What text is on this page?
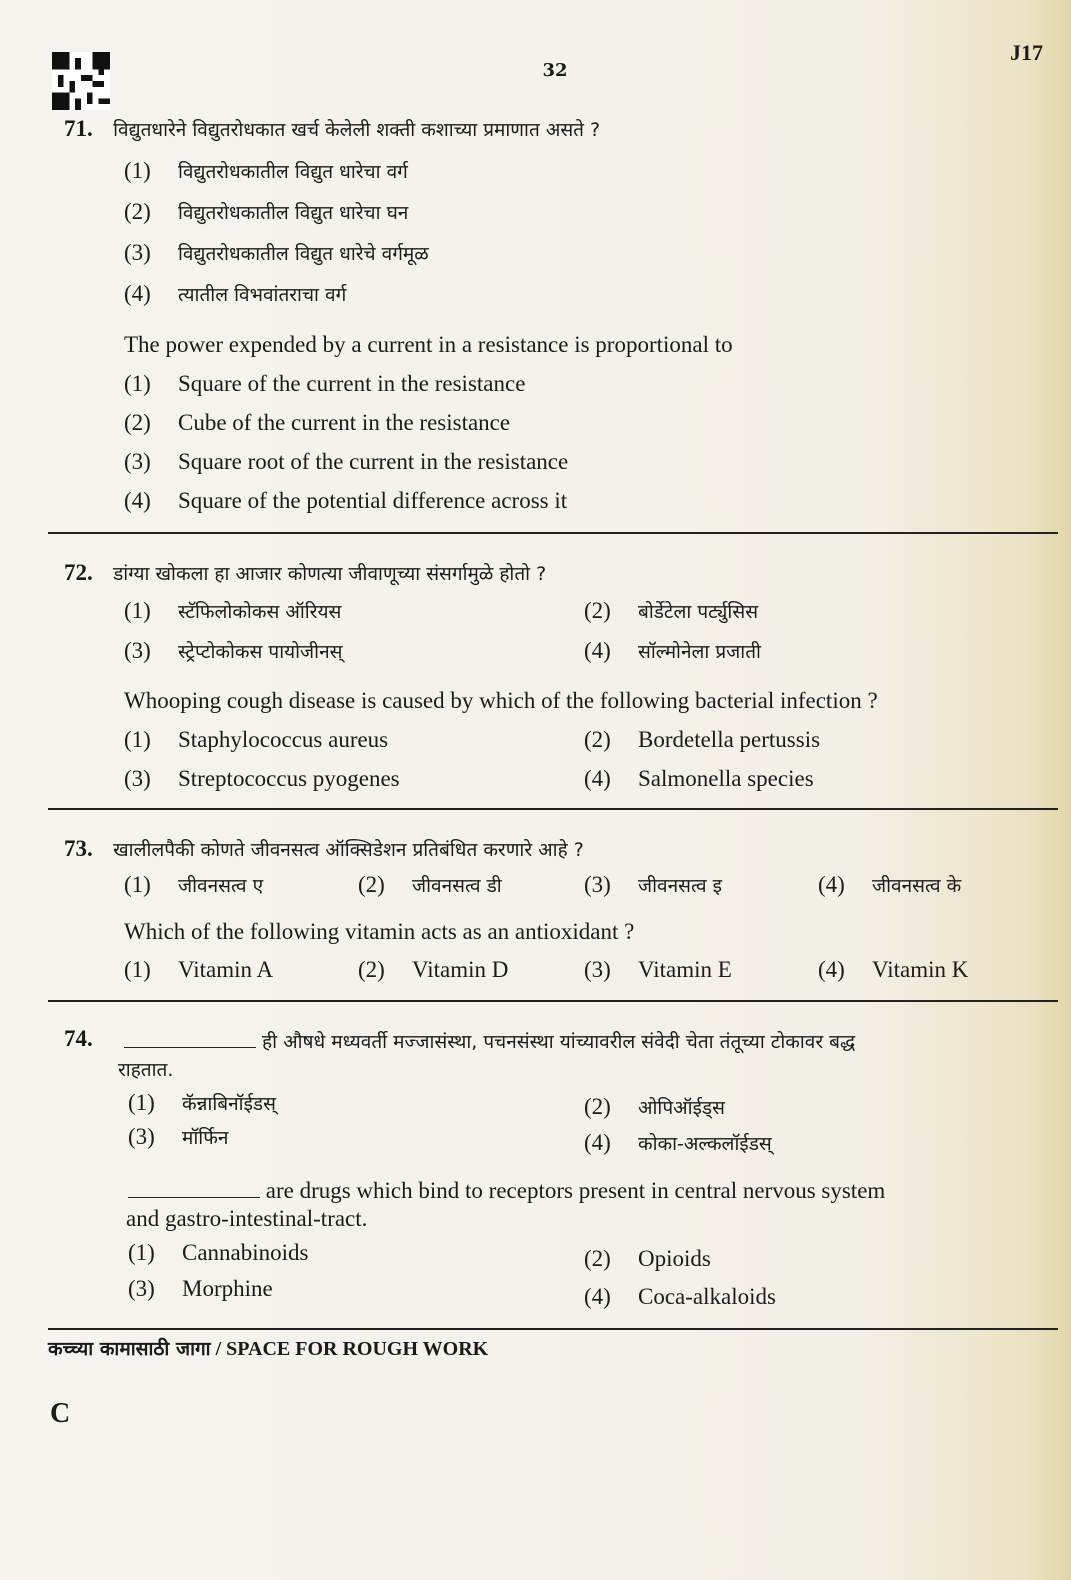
32
J17
71. विद्युतधारेने विद्युतरोधकात खर्च केलेली शक्ती कशाच्या प्रमाणात असते ?
(1) विद्युतरोधकातील विद्युत धारेचा वर्ग
(2) विद्युतरोधकातील विद्युत धारेचा घन
(3) विद्युतरोधकातील विद्युत धारेचे वर्गमूळ
(4) त्यातील विभवांतराचा वर्ग
The power expended by a current in a resistance is proportional to
(1) Square of the current in the resistance
(2) Cube of the current in the resistance
(3) Square root of the current in the resistance
(4) Square of the potential difference across it
72. डांग्या खोकला हा आजार कोणत्या जीवाणूच्या संसर्गामुळे होतो ?
(1) स्टॅफिलोकोकस ऑरियस	(2) बोर्डेटेला पर्ट्युसिस
(3) स्ट्रेप्टोकोकस पायोजीनस्	(4) सॉल्मोनेला प्रजाती
Whooping cough disease is caused by which of the following bacterial infection ?
(1) Staphylococcus aureus	(2) Bordetella pertussis
(3) Streptococcus pyogenes	(4) Salmonella species
73. खालीलपैकी कोणते जीवनसत्व ऑक्सिडेशन प्रतिबंधित करणारे आहे ?
(1) जीवनसत्व ए	(2) जीवनसत्व डी	(3) जीवनसत्व इ	(4) जीवनसत्व के
Which of the following vitamin acts as an antioxidant ?
(1) Vitamin A	(2) Vitamin D	(3) Vitamin E	(4) Vitamin K
74.	ही औषधे मध्यवर्ती मज्जासंस्था, पचनसंस्था यांच्यावरील संवेदी चेता तंतूच्या टोकावर बद्ध
राहतात.
(1) कॅन्नाबिनॉईडस्	(2) ओपिऑईड्स
(3) मॉर्फिन	(4) कोका-अल्कलॉईडस्
are drugs which bind to receptors present in central nervous system
and gastro-intestinal-tract.
(1) Cannabinoids	(2) Opioids
(3) Morphine	(4) Coca-alkaloids
कच्च्या कामासाठी जागा / SPACE FOR ROUGH WORK
C
